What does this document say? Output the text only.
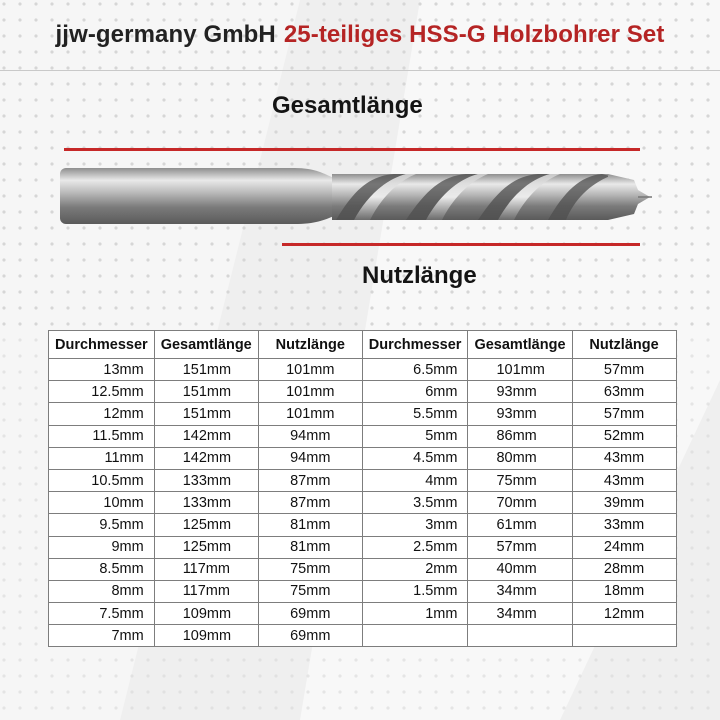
jjw-germany GmbH 25-teiliges HSS-G Holzbohrer Set
Gesamtlänge
Nutzlänge
Durchmesser	Gesamtlänge	Nutzlänge	Durchmesser	Gesamtlänge	Nutzlänge
13mm	151mm	101mm	6.5mm	101mm	57mm
12.5mm	151mm	101mm	6mm	93mm	63mm
12mm	151mm	101mm	5.5mm	93mm	57mm
11.5mm	142mm	94mm	5mm	86mm	52mm
11mm	142mm	94mm	4.5mm	80mm	43mm
10.5mm	133mm	87mm	4mm	75mm	43mm
10mm	133mm	87mm	3.5mm	70mm	39mm
9.5mm	125mm	81mm	3mm	61mm	33mm
9mm	125mm	81mm	2.5mm	57mm	24mm
8.5mm	117mm	75mm	2mm	40mm	28mm
8mm	117mm	75mm	1.5mm	34mm	18mm
7.5mm	109mm	69mm	1mm	34mm	12mm
7mm	109mm	69mm			
